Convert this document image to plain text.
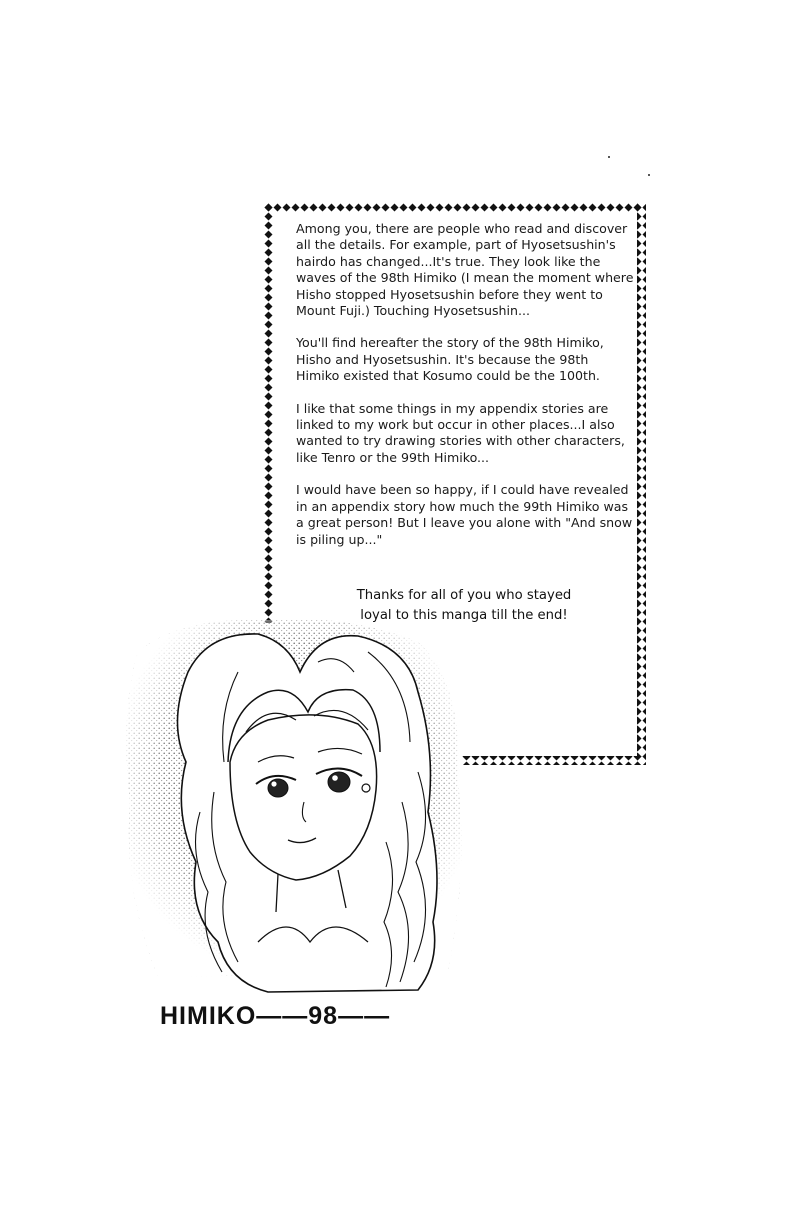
Among you, there are people who read and discover all the details. For example, part of Hyosetsushin's hairdo has changed...It's true. They look like the waves of the 98th Himiko (I mean the moment where Hisho stopped Hyosetsushin before they went to Mount Fuji.) Touching Hyosetsushin...

You'll find hereafter the story of the 98th Himiko, Hisho and Hyosetsushin. It's because the 98th Himiko existed that Kosumo could be the 100th.

I like that some things in my appendix stories are linked to my work but occur in other places...I also wanted to try drawing stories with other characters, like Tenro or the 99th Himiko...

I would have been so happy, if I could have revealed in an appendix story how much the 99th Himiko was a great person! But I leave you alone with "And snow is piling up..."

Thanks for all of you who stayed
loyal to this manga till the end!
HIMIKO——98——
